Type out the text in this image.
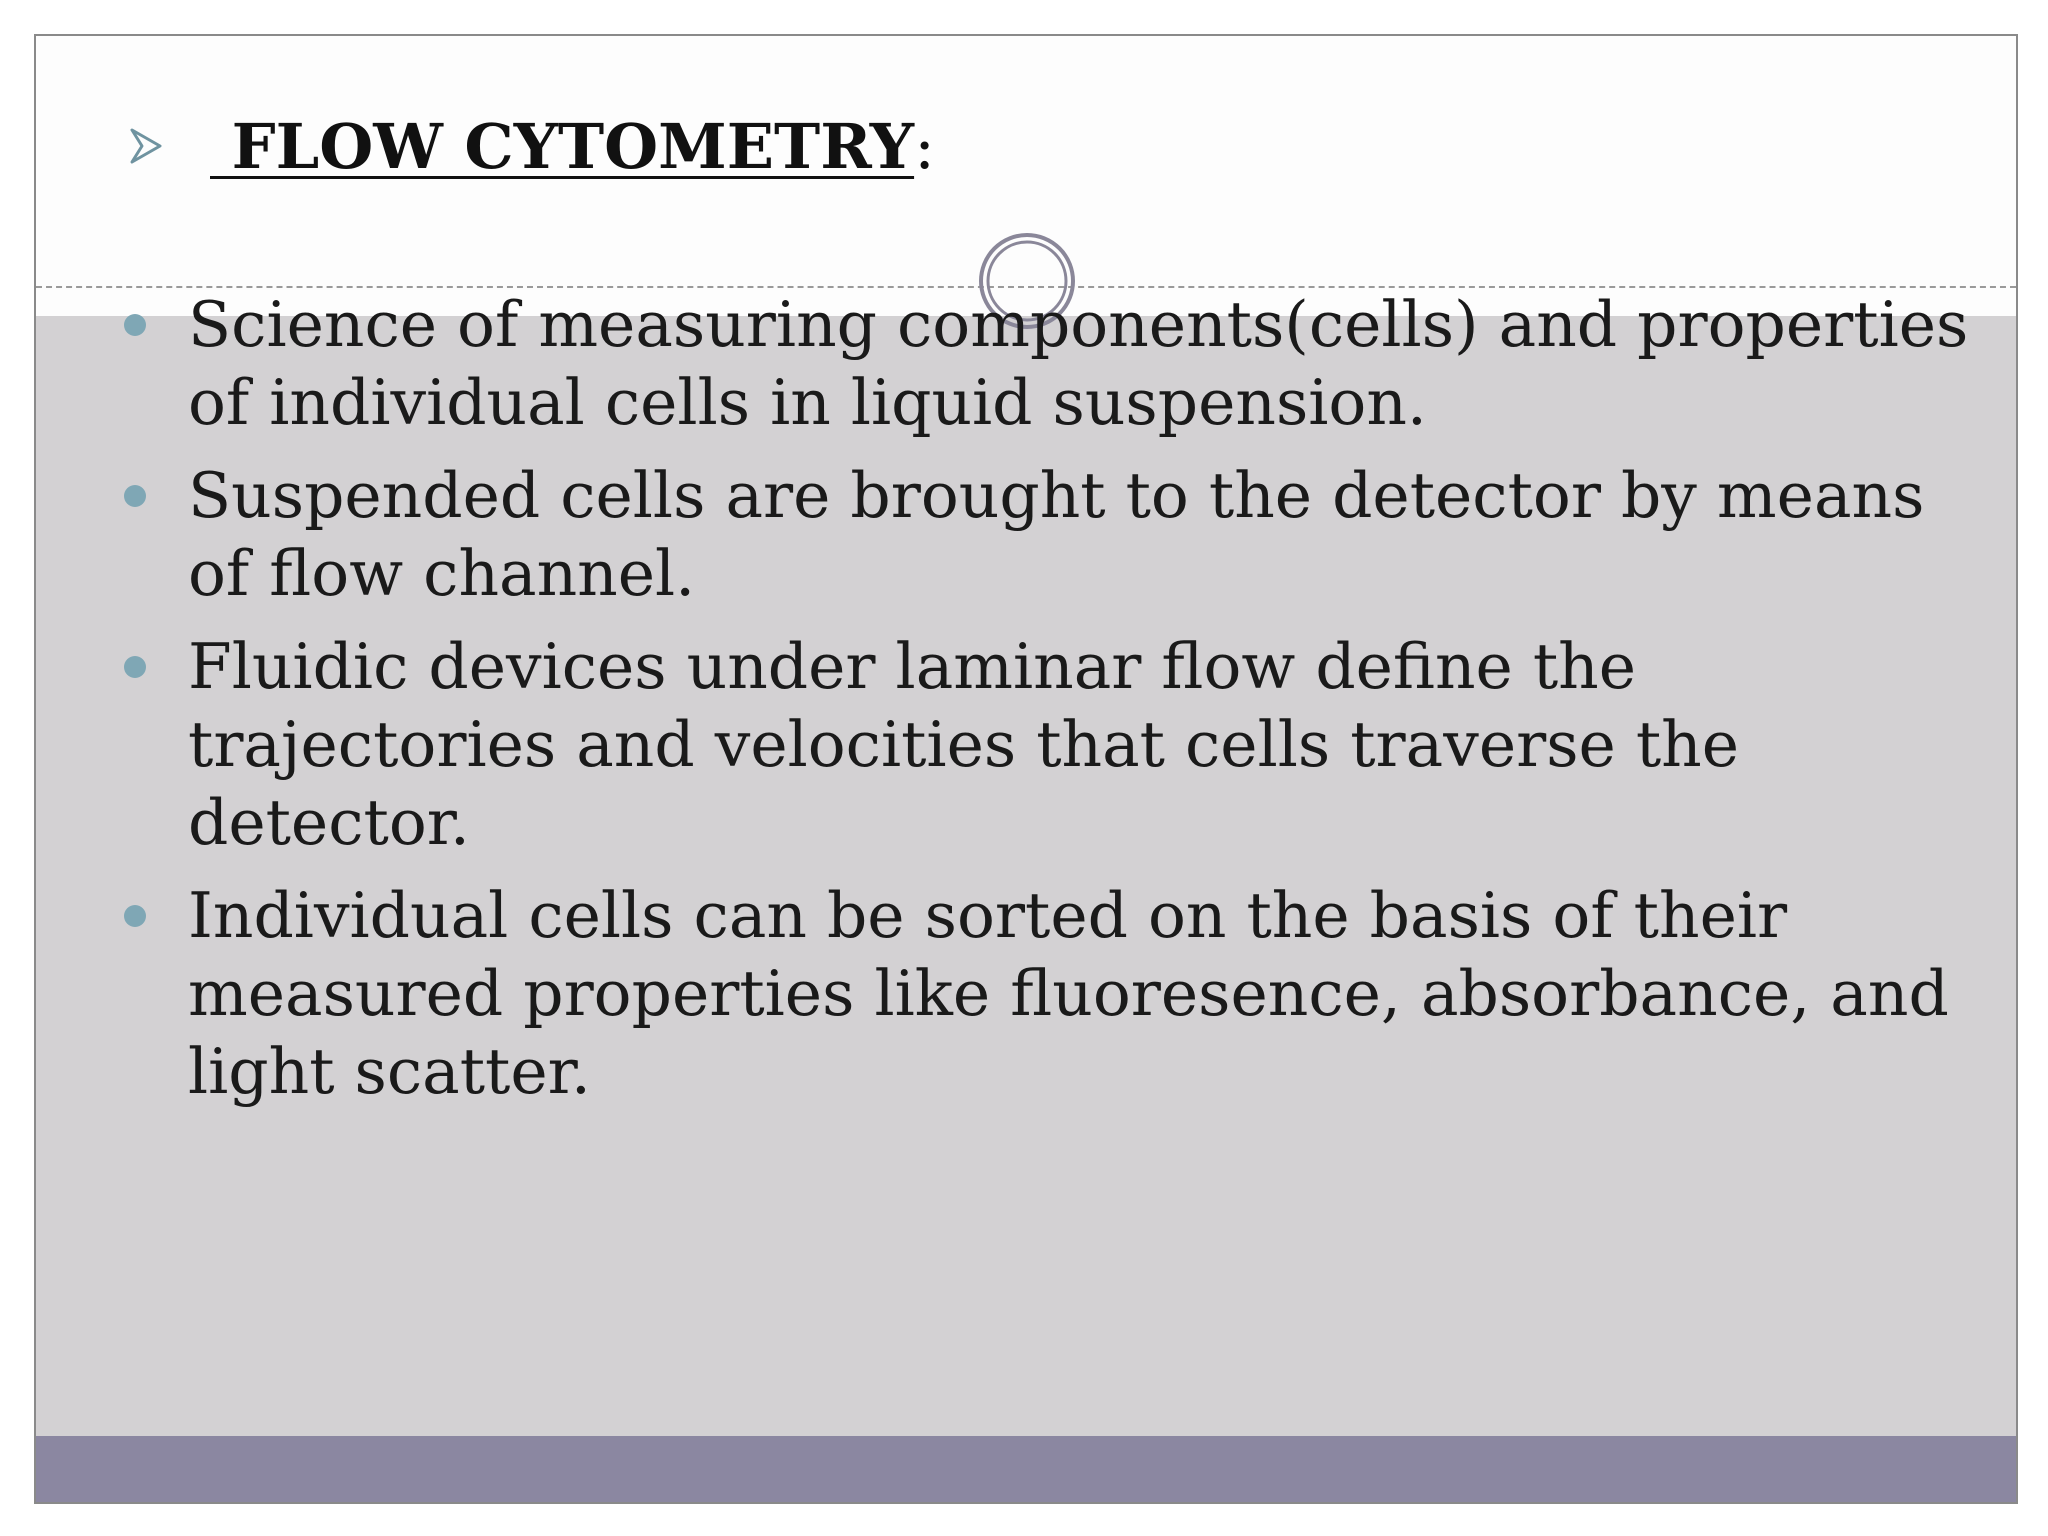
FLOW CYTOMETRY:
Science of measuring components(cells) and properties of individual cells in liquid suspension.
Suspended cells are brought to the detector by means of flow channel.
Fluidic devices under laminar flow define the trajectories and velocities that cells traverse the detector.
Individual cells can be sorted on the basis of their measured properties like fluoresence, absorbance, and light scatter.
